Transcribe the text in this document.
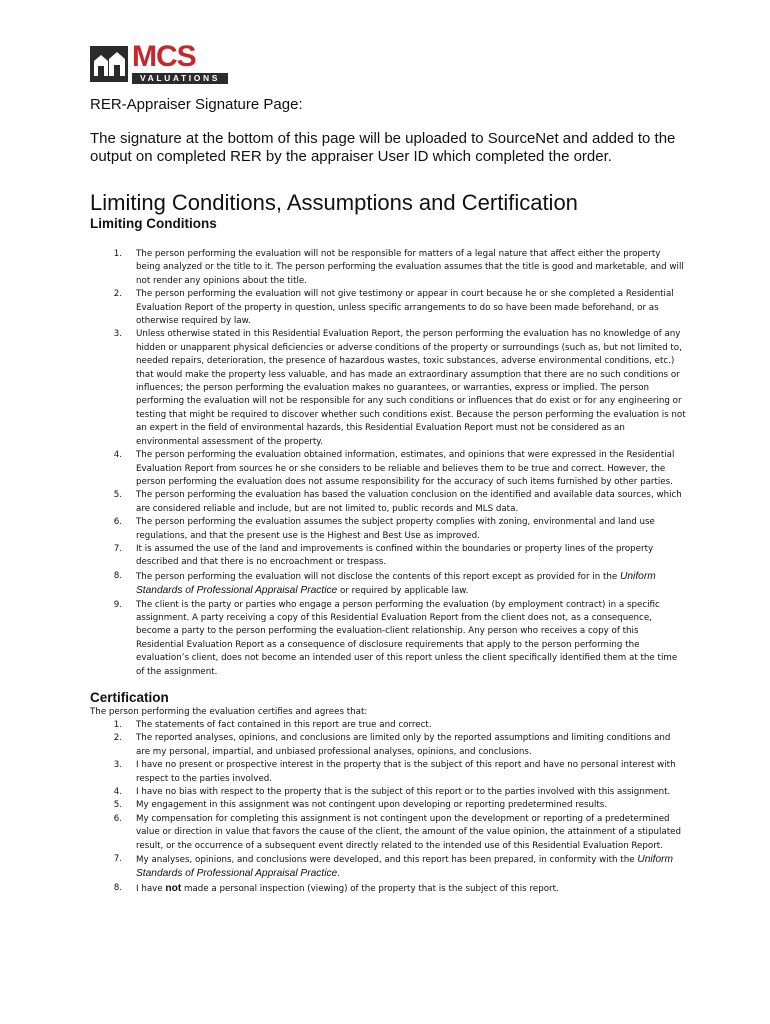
MCS
VALUATIONS
RER-Appraiser Signature Page:
The signature at the bottom of this page will be uploaded to SourceNet and added to the output on completed RER by the appraiser User ID which completed the order.
Limiting Conditions, Assumptions and Certification
Limiting Conditions
1. The person performing the evaluation will not be responsible for matters of a legal nature that affect either the property being analyzed or the title to it. The person performing the evaluation assumes that the title is good and marketable, and will not render any opinions about the title.
2. The person performing the evaluation will not give testimony or appear in court because he or she completed a Residential Evaluation Report of the property in question, unless specific arrangements to do so have been made beforehand, or as otherwise required by law.
3. Unless otherwise stated in this Residential Evaluation Report, the person performing the evaluation has no knowledge of any hidden or unapparent physical deficiencies or adverse conditions of the property or surroundings (such as, but not limited to, needed repairs, deterioration, the presence of hazardous wastes, toxic substances, adverse environmental conditions, etc.) that would make the property less valuable, and has made an extraordinary assumption that there are no such conditions or influences; the person performing the evaluation makes no guarantees, or warranties, express or implied. The person performing the evaluation will not be responsible for any such conditions or influences that do exist or for any engineering or testing that might be required to discover whether such conditions exist. Because the person performing the evaluation is not an expert in the field of environmental hazards, this Residential Evaluation Report must not be considered as an environmental assessment of the property.
4. The person performing the evaluation obtained information, estimates, and opinions that were expressed in the Residential Evaluation Report from sources he or she considers to be reliable and believes them to be true and correct. However, the person performing the evaluation does not assume responsibility for the accuracy of such items furnished by other parties.
5. The person performing the evaluation has based the valuation conclusion on the identified and available data sources, which are considered reliable and include, but are not limited to, public records and MLS data.
6. The person performing the evaluation assumes the subject property complies with zoning, environmental and land use regulations, and that the present use is the Highest and Best Use as improved.
7. It is assumed the use of the land and improvements is confined within the boundaries or property lines of the property described and that there is no encroachment or trespass.
8. The person performing the evaluation will not disclose the contents of this report except as provided for in the Uniform Standards of Professional Appraisal Practice or required by applicable law.
9. The client is the party or parties who engage a person performing the evaluation (by employment contract) in a specific assignment. A party receiving a copy of this Residential Evaluation Report from the client does not, as a consequence, become a party to the person performing the evaluation-client relationship. Any person who receives a copy of this Residential Evaluation Report as a consequence of disclosure requirements that apply to the person performing the evaluation’s client, does not become an intended user of this report unless the client specifically identified them at the time of the assignment.
Certification
The person performing the evaluation certifies and agrees that:
1. The statements of fact contained in this report are true and correct.
2. The reported analyses, opinions, and conclusions are limited only by the reported assumptions and limiting conditions and are my personal, impartial, and unbiased professional analyses, opinions, and conclusions.
3. I have no present or prospective interest in the property that is the subject of this report and have no personal interest with respect to the parties involved.
4. I have no bias with respect to the property that is the subject of this report or to the parties involved with this assignment.
5. My engagement in this assignment was not contingent upon developing or reporting predetermined results.
6. My compensation for completing this assignment is not contingent upon the development or reporting of a predetermined value or direction in value that favors the cause of the client, the amount of the value opinion, the attainment of a stipulated result, or the occurrence of a subsequent event directly related to the intended use of this Residential Evaluation Report.
7. My analyses, opinions, and conclusions were developed, and this report has been prepared, in conformity with the Uniform Standards of Professional Appraisal Practice.
8. I have not made a personal inspection (viewing) of the property that is the subject of this report.
